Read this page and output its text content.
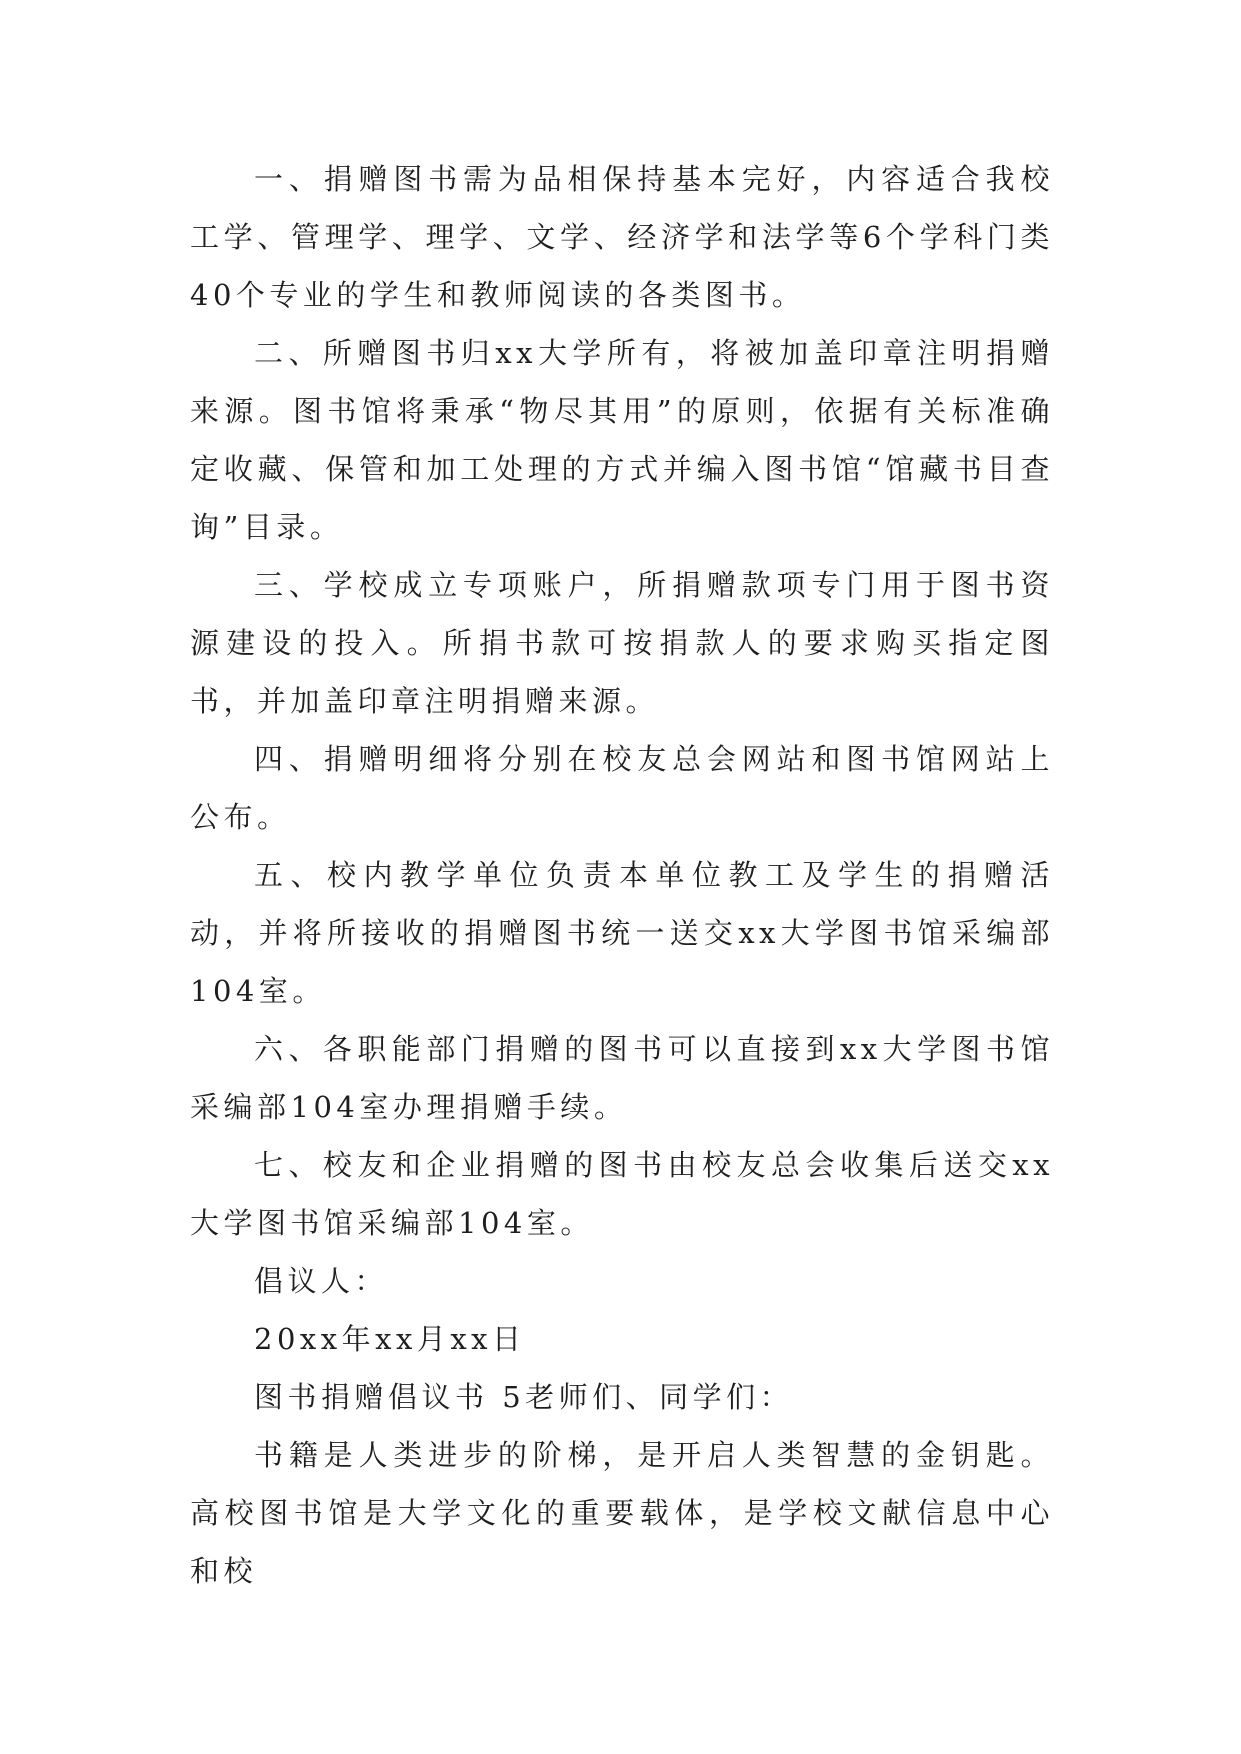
一、捐赠图书需为品相保持基本完好，内容适合我校工学、管理学、理学、文学、经济学和法学等6个学科门类40个专业的学生和教师阅读的各类图书。

二、所赠图书归xx大学所有，将被加盖印章注明捐赠来源。图书馆将秉承“物尽其用”的原则，依据有关标准确定收藏、保管和加工处理的方式并编入图书馆“馆藏书目查询”目录。

三、学校成立专项账户，所捐赠款项专门用于图书资源建设的投入。所捐书款可按捐款人的要求购买指定图书，并加盖印章注明捐赠来源。

四、捐赠明细将分别在校友总会网站和图书馆网站上公布。

五、校内教学单位负责本单位教工及学生的捐赠活动，并将所接收的捐赠图书统一送交xx大学图书馆采编部104室。

六、各职能部门捐赠的图书可以直接到xx大学图书馆采编部104室办理捐赠手续。

七、校友和企业捐赠的图书由校友总会收集后送交xx大学图书馆采编部104室。

倡议人：

20xx年xx月xx日

图书捐赠倡议书 5老师们、同学们：

书籍是人类进步的阶梯，是开启人类智慧的金钥匙。高校图书馆是大学文化的重要载体，是学校文献信息中心和校
